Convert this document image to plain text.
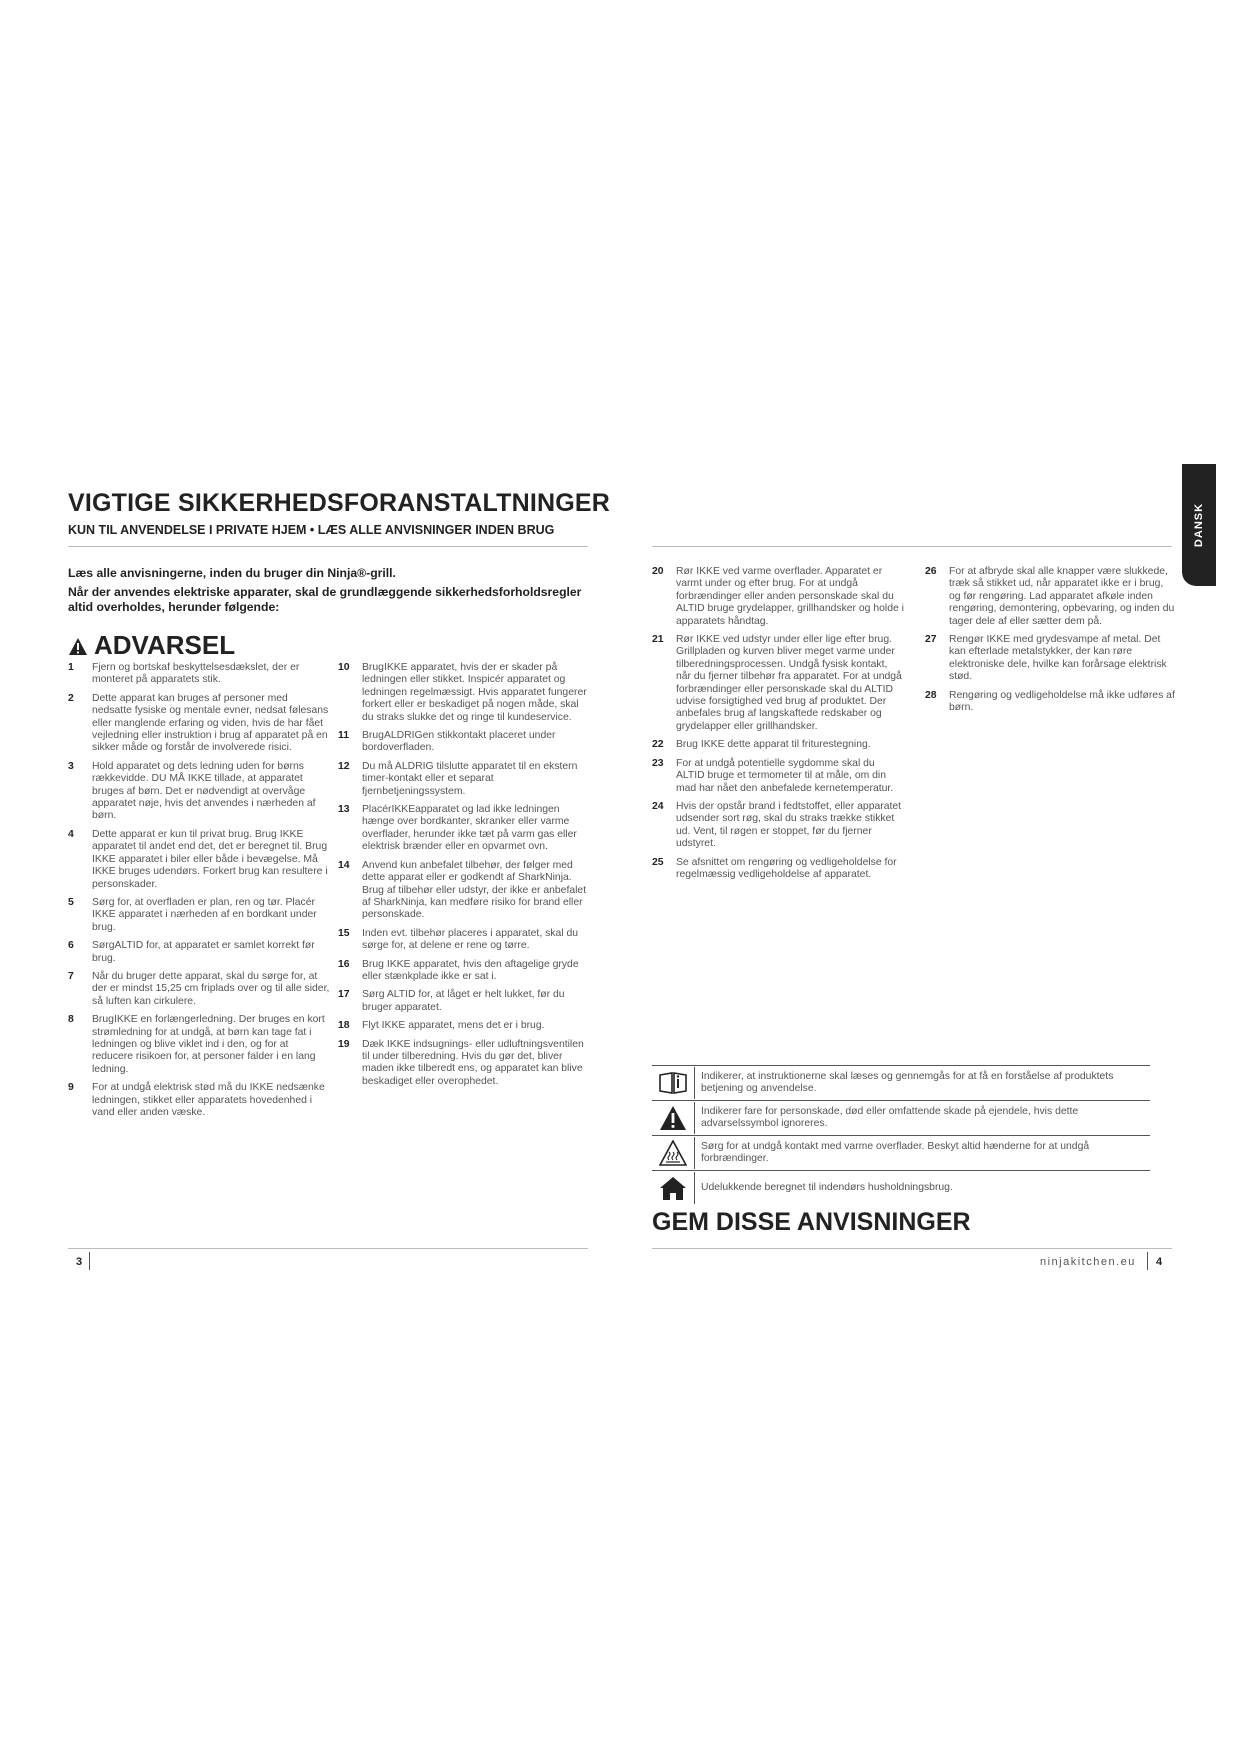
VIGTIGE SIKKERHEDSFORANSTALTNINGER
KUN TIL ANVENDELSE I PRIVATE HJEM • LÆS ALLE ANVISNINGER INDEN BRUG	DANSK

Læs alle anvisningerne, inden du bruger din Ninja®-grill.

Når der anvendes elektriske apparater, skal de grundlæggende sikkerhedsforholdsregler altid overholdes, herunder følgende:

ADVARSEL
1	Fjern og bortskaf beskyttelsesdækslet, der er monteret på apparatets stik.
2	Dette apparat kan bruges af personer med nedsatte fysiske og mentale evner, nedsat følesans eller manglende erfaring og viden, hvis de har fået vejledning eller instruktion i brug af apparatet på en sikker måde og forstår de involverede risici.
3	Hold apparatet og dets ledning uden for børns rækkevidde. DU MÅ IKKE tillade, at apparatet bruges af børn. Det er nødvendigt at overvåge apparatet nøje, hvis det anvendes i nærheden af børn.
4	Dette apparat er kun til privat brug. Brug IKKE apparatet til andet end det, det er beregnet til. Brug IKKE apparatet i biler eller både i bevægelse. Må IKKE bruges udendørs. Forkert brug kan resultere i personskader.
5	Sørg for, at overfladen er plan, ren og tør. Placér IKKE apparatet i nærheden af en bordkant under brug.
6	SørgALTID for, at apparatet er samlet korrekt før brug.
7	Når du bruger dette apparat, skal du sørge for, at der er mindst 15,25 cm friplads over og til alle sider, så luften kan cirkulere.
8	BrugIKKE en forlængerledning. Der bruges en kort strømledning for at undgå, at børn kan tage fat i ledningen og blive viklet ind i den, og for at reducere risikoen for, at personer falder i en lang ledning.
9	For at undgå elektrisk stød må du IKKE nedsænke ledningen, stikket eller apparatets hovedenhed i vand eller anden væske.
10	BrugIKKE apparatet, hvis der er skader på ledningen eller stikket. Inspicér apparatet og ledningen regelmæssigt. Hvis apparatet fungerer forkert eller er beskadiget på nogen måde, skal du straks slukke det og ringe til kundeservice.
11	BrugALDRIGen stikkontakt placeret under bordoverfladen.
12	Du må ALDRIG tilslutte apparatet til en ekstern timer-kontakt eller et separat fjernbetjeningssystem.
13	PlacérIKKEapparatet og lad ikke ledningen hænge over bordkanter, skranker eller varme overflader, herunder ikke tæt på varm gas eller elektrisk brænder eller en opvarmet ovn.
14	Anvend kun anbefalet tilbehør, der følger med dette apparat eller er godkendt af SharkNinja. Brug af tilbehør eller udstyr, der ikke er anbefalet af SharkNinja, kan medføre risiko for brand eller personskade.
15	Inden evt. tilbehør placeres i apparatet, skal du sørge for, at delene er rene og tørre.
16	Brug IKKE apparatet, hvis den aftagelige gryde eller stænkplade ikke er sat i.
17	Sørg ALTID for, at låget er helt lukket, før du bruger apparatet.
18	Flyt IKKE apparatet, mens det er i brug.
19	Dæk IKKE indsugnings- eller udluftningsventilen til under tilberedning. Hvis du gør det, bliver maden ikke tilberedt ens, og apparatet kan blive beskadiget eller overophedet.
20	Rør IKKE ved varme overflader. Apparatet er varmt under og efter brug. For at undgå forbrændinger eller anden personskade skal du ALTID bruge grydelapper, grillhandsker og holde i apparatets håndtag.
21	Rør IKKE ved udstyr under eller lige efter brug. Grillpladen og kurven bliver meget varme under tilberedningsprocessen. Undgå fysisk kontakt, når du fjerner tilbehør fra apparatet. For at undgå forbrændinger eller personskade skal du ALTID udvise forsigtighed ved brug af produktet. Der anbefales brug af langskaftede redskaber og grydelapper eller grillhandsker.
22	Brug IKKE dette apparat til friturestegning.
23	For at undgå potentielle sygdomme skal du ALTID bruge et termometer til at måle, om din mad har nået den anbefalede kernetemperatur.
24	Hvis der opstår brand i fedtstoffet, eller apparatet udsender sort røg, skal du straks trække stikket ud. Vent, til røgen er stoppet, før du fjerner udstyret.
25	Se afsnittet om rengøring og vedligeholdelse for regelmæssig vedligeholdelse af apparatet.
26	For at afbryde skal alle knapper være slukkede, træk så stikket ud, når apparatet ikke er i brug, og før rengøring. Lad apparatet afkøle inden rengøring, demontering, opbevaring, og inden du tager dele af eller sætter dem på.
27	Rengør IKKE med grydesvampe af metal. Det kan efterlade metalstykker, der kan røre elektroniske dele, hvilke kan forårsage elektrisk stød.
28	Rengøring og vedligeholdelse må ikke udføres af børn.
Indikerer, at instruktionerne skal læses og gennemgås for at få en forståelse af produktets betjening og anvendelse.
Indikerer fare for personskade, død eller omfattende skade på ejendele, hvis dette advarselssymbol ignoreres.
Sørg for at undgå kontakt med varme overflader. Beskyt altid hænderne for at undgå forbrændinger.
Udelukkende beregnet til indendørs husholdningsbrug.
GEM DISSE ANVISNINGER
3	ninjakitchen.eu 4
